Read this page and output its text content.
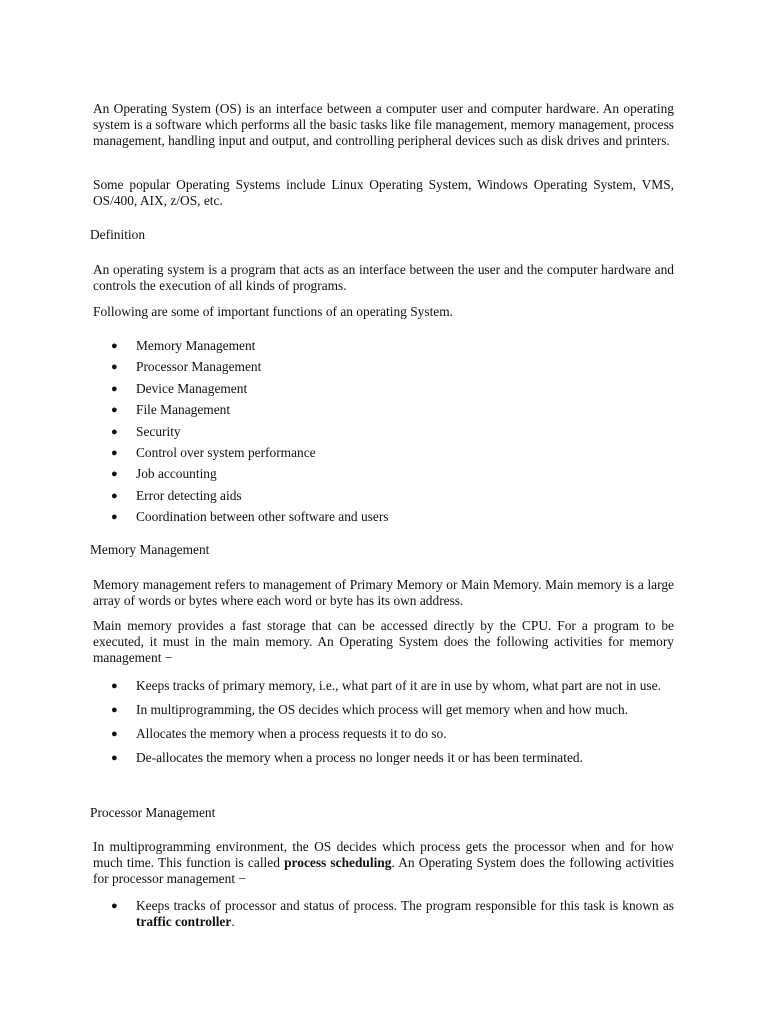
An Operating System (OS) is an interface between a computer user and computer hardware. An operating system is a software which performs all the basic tasks like file management, memory management, process management, handling input and output, and controlling peripheral devices such as disk drives and printers.

Some popular Operating Systems include Linux Operating System, Windows Operating System, VMS, OS/400, AIX, z/OS, etc.

Definition

An operating system is a program that acts as an interface between the user and the computer hardware and controls the execution of all kinds of programs.

Following are some of important functions of an operating System.

● Memory Management
● Processor Management
● Device Management
● File Management
● Security
● Control over system performance
● Job accounting
● Error detecting aids
● Coordination between other software and users

Memory Management

Memory management refers to management of Primary Memory or Main Memory. Main memory is a large array of words or bytes where each word or byte has its own address.

Main memory provides a fast storage that can be accessed directly by the CPU. For a program to be executed, it must in the main memory. An Operating System does the following activities for memory management −

● Keeps tracks of primary memory, i.e., what part of it are in use by whom, what part are not in use.
● In multiprogramming, the OS decides which process will get memory when and how much.
● Allocates the memory when a process requests it to do so.
● De-allocates the memory when a process no longer needs it or has been terminated.

Processor Management

In multiprogramming environment, the OS decides which process gets the processor when and for how much time. This function is called process scheduling. An Operating System does the following activities for processor management −

● Keeps tracks of processor and status of process. The program responsible for this task is known as traffic controller.
